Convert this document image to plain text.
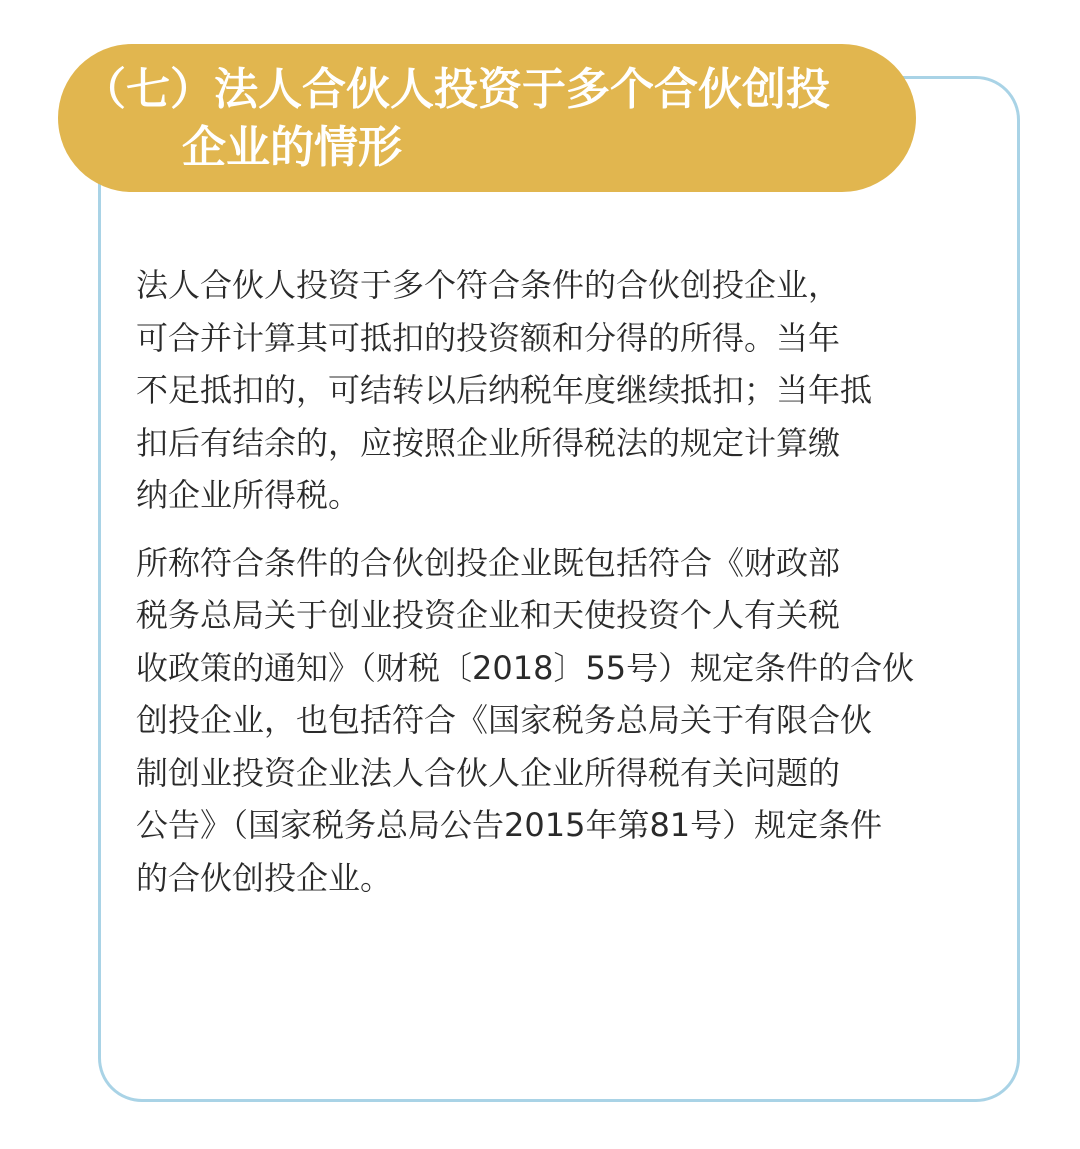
（七）法人合伙人投资于多个合伙创投
企业的情形
法人合伙人投资于多个符合条件的合伙创投企业，
可合并计算其可抵扣的投资额和分得的所得。当年
不足抵扣的，可结转以后纳税年度继续抵扣；当年抵
扣后有结余的，应按照企业所得税法的规定计算缴
纳企业所得税。
所称符合条件的合伙创投企业既包括符合《财政部
税务总局关于创业投资企业和天使投资个人有关税
收政策的通知》（财税〔2018〕55号）规定条件的合伙
创投企业，也包括符合《国家税务总局关于有限合伙
制创业投资企业法人合伙人企业所得税有关问题的
公告》（国家税务总局公告2015年第81号）规定条件
的合伙创投企业。
